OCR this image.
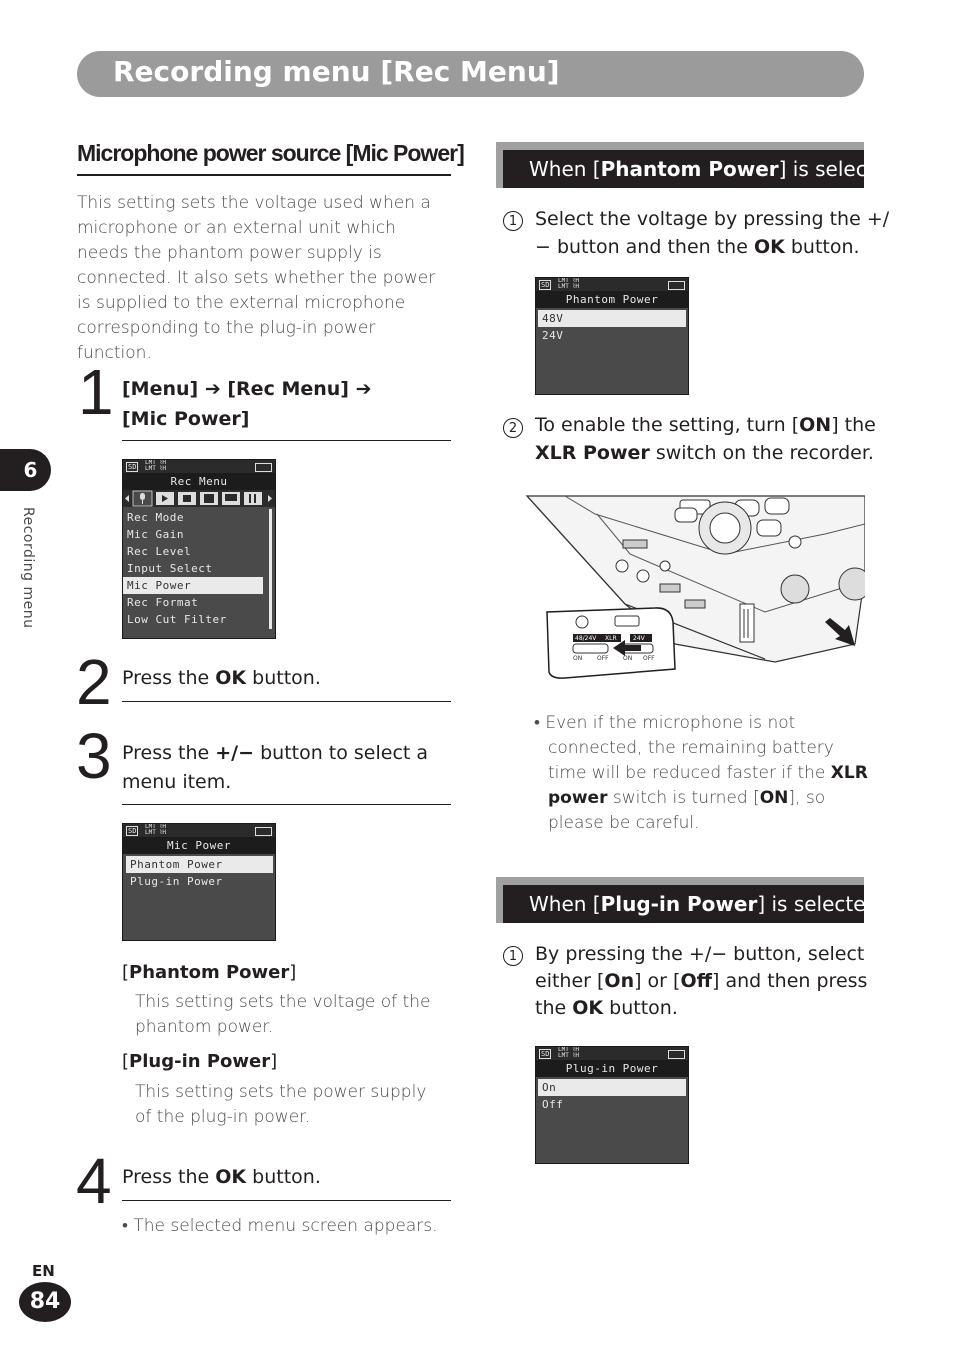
Recording menu [Rec Menu]
6
Recording menu
Microphone power source [Mic Power]
This setting sets the voltage used when a microphone or an external unit which needs the phantom power supply is connected. It also sets whether the power is supplied to the external microphone corresponding to the plug-in power function.
1 [Menu] ➔ [Rec Menu] ➔
[Mic Power]
SD
LMT ⌇H
LMT ⌇H
Rec Menu
Rec Mode
Mic Gain
Rec Level
Input Select
Mic Power
Rec Format
Low Cut Filter
2 Press the OK button.
3 Press the +/− button to select a
menu item.
SD
LMT ⌇H
LMT ⌇H
Mic Power
Phantom Power
Plug-in Power
[Phantom Power]
This setting sets the voltage of the phantom power.
[Plug-in Power]
This setting sets the power supply of the plug-in power.
4 Press the OK button.
• The selected menu screen appears.
When [Phantom Power] is selected
1 Select the voltage by pressing the +/
− button and then the OK button.
SD
LMT ⌇H
LMT ⌇H
Phantom Power
48V
24V
2 To enable the setting, turn [ON] the
XLR Power switch on the recorder.
48/24V XLR	24V
ON OFF ON OFF
• Even if the microphone is not
connected, the remaining battery
time will be reduced faster if the XLR
power switch is turned [ON], so
please be careful.
When [Plug-in Power] is selected
1 By pressing the +/− button, select
either [On] or [Off] and then press
the OK button.
SD
LMT ⌇H
LMT ⌇H
Plug-in Power
On
Off
EN
84
